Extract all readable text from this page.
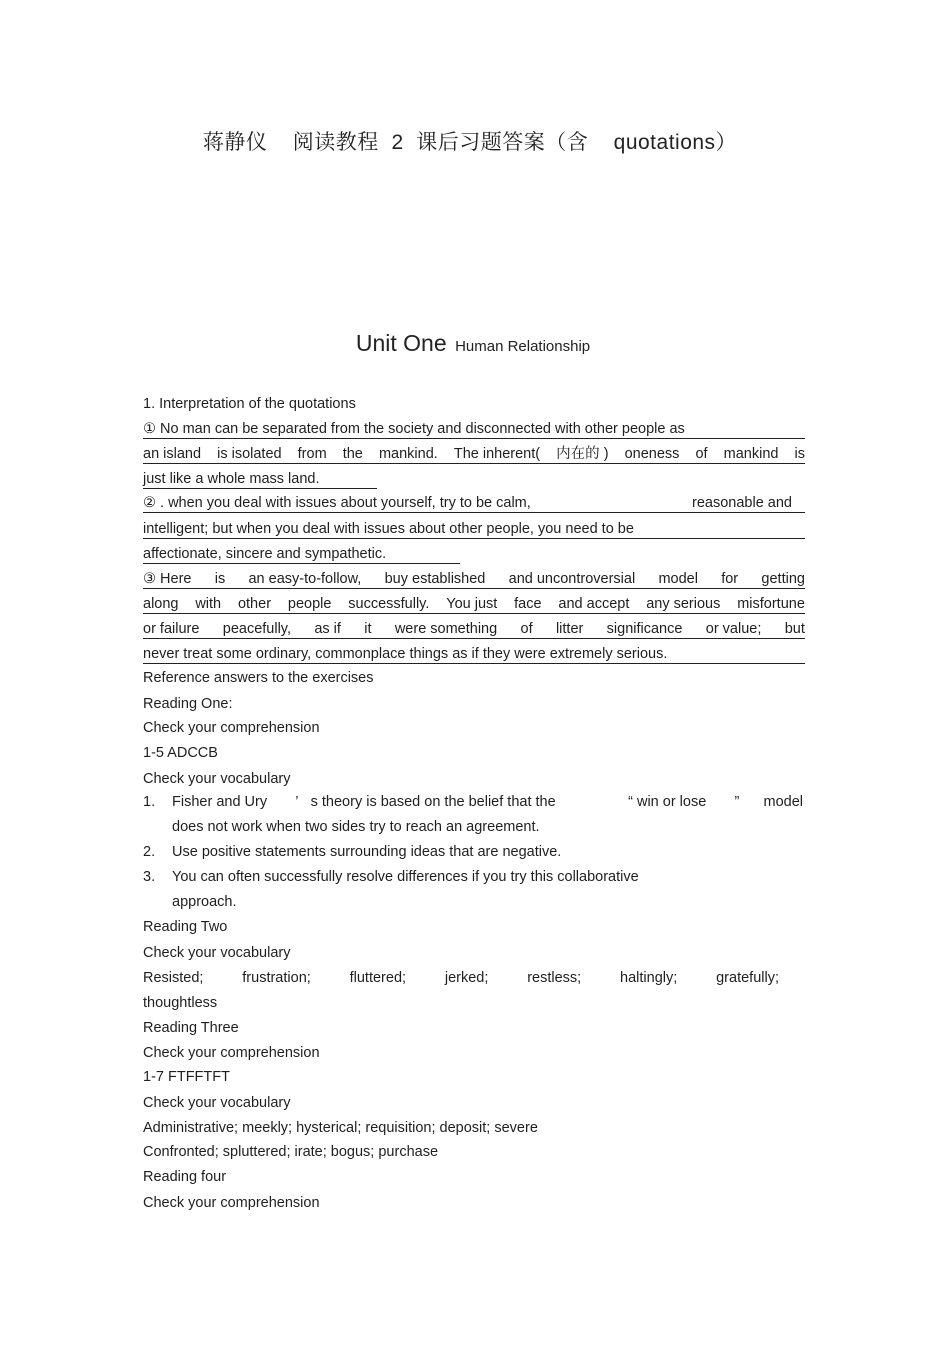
蒋静仪 阅读教程 2 课后习题答案（含 quotations）
Unit One Human Relationship
1. Interpretation of the quotations
① No man can be separated from the society and disconnected with other people as
an island is isolated from the mankind. The inherent( 内在的 ) oneness of mankind is
just like a whole mass land.
② . when you deal with issues about yourself, try to be calm,	reasonable and
intelligent; but when you deal with issues about other people, you need to be
affectionate, sincere and sympathetic.
③ Here is an easy-to-follow, buy established and uncontroversial model for getting
along with other people successfully. You just face and accept any serious misfortune
or failure peacefully, as if it were something of litter significance or value; but
never treat some ordinary, commonplace things as if they were extremely serious.
Reference answers to the exercises
Reading One:
Check your comprehension
1-5 ADCCB
Check your vocabulary
1. Fisher and Ury ’ s theory is based on the belief that the	“ win or lose ” model
does not work when two sides try to reach an agreement.
2. Use positive statements surrounding ideas that are negative.
3. You can often successfully resolve differences if you try this collaborative
approach.
Reading Two
Check your vocabulary
Resisted;	frustration;	fluttered;	jerked;	restless;	haltingly;	gratefully;
thoughtless
Reading Three
Check your comprehension
1-7 FTFFTFT
Check your vocabulary
Administrative; meekly; hysterical; requisition; deposit; severe
Confronted; spluttered; irate; bogus; purchase
Reading four
Check your comprehension
